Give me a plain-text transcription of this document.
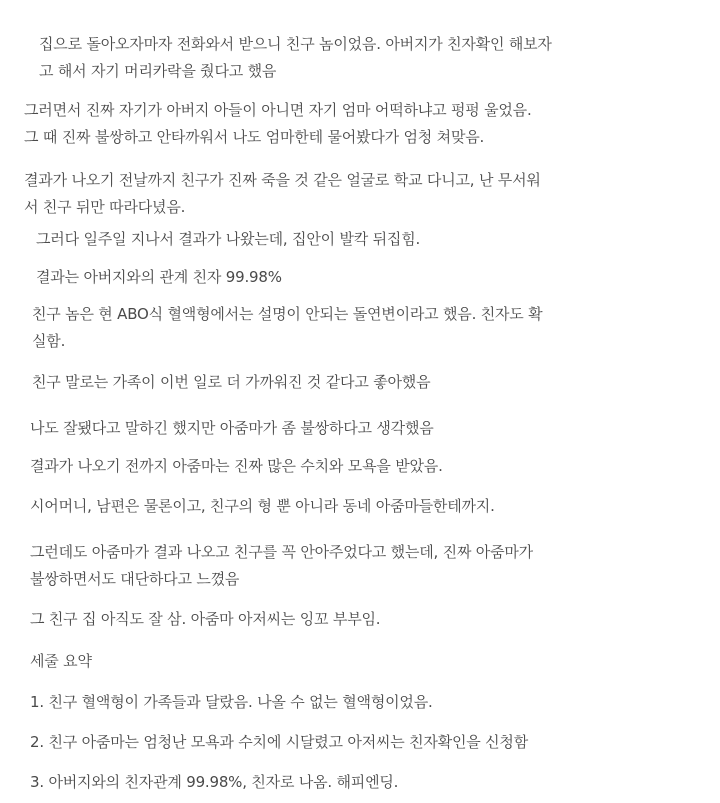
집으로 돌아오자마자 전화와서 받으니 친구 놈이었음. 아버지가 친자확인 해보자
고 해서 자기 머리카락을 줬다고 했음

그러면서 진짜 자기가 아버지 아들이 아니면 자기 엄마 어떡하냐고 펑펑 울었음.
그 때 진짜 불쌍하고 안타까워서 나도 엄마한테 물어봤다가 엄청 쳐맞음.

결과가 나오기 전날까지 친구가 진짜 죽을 것 같은 얼굴로 학교 다니고, 난 무서워
서 친구 뒤만 따라다녔음.

그러다 일주일 지나서 결과가 나왔는데, 집안이 발칵 뒤집힘.

결과는 아버지와의 관계 친자 99.98%

친구 놈은 현 ABO식 혈액형에서는 설명이 안되는 돌연변이라고 했음. 친자도 확
실함.

친구 말로는 가족이 이번 일로 더 가까워진 것 같다고 좋아했음

나도 잘됐다고 말하긴 했지만 아줌마가 좀 불쌍하다고 생각했음

결과가 나오기 전까지 아줌마는 진짜 많은 수치와 모욕을 받았음.

시어머니, 남편은 물론이고, 친구의 형 뿐 아니라 동네 아줌마들한테까지.

그런데도 아줌마가 결과 나오고 친구를 꼭 안아주었다고 했는데, 진짜 아줌마가
불쌍하면서도 대단하다고 느꼈음

그 친구 집 아직도 잘 삼. 아줌마 아저씨는 잉꼬 부부임.

세줄 요약

1. 친구 혈액형이 가족들과 달랐음. 나올 수 없는 혈액형이었음.

2. 친구 아줌마는 엄청난 모욕과 수치에 시달렸고 아저씨는 친자확인을 신청함

3. 아버지와의 친자관계 99.98%, 친자로 나옴. 해피엔딩.
